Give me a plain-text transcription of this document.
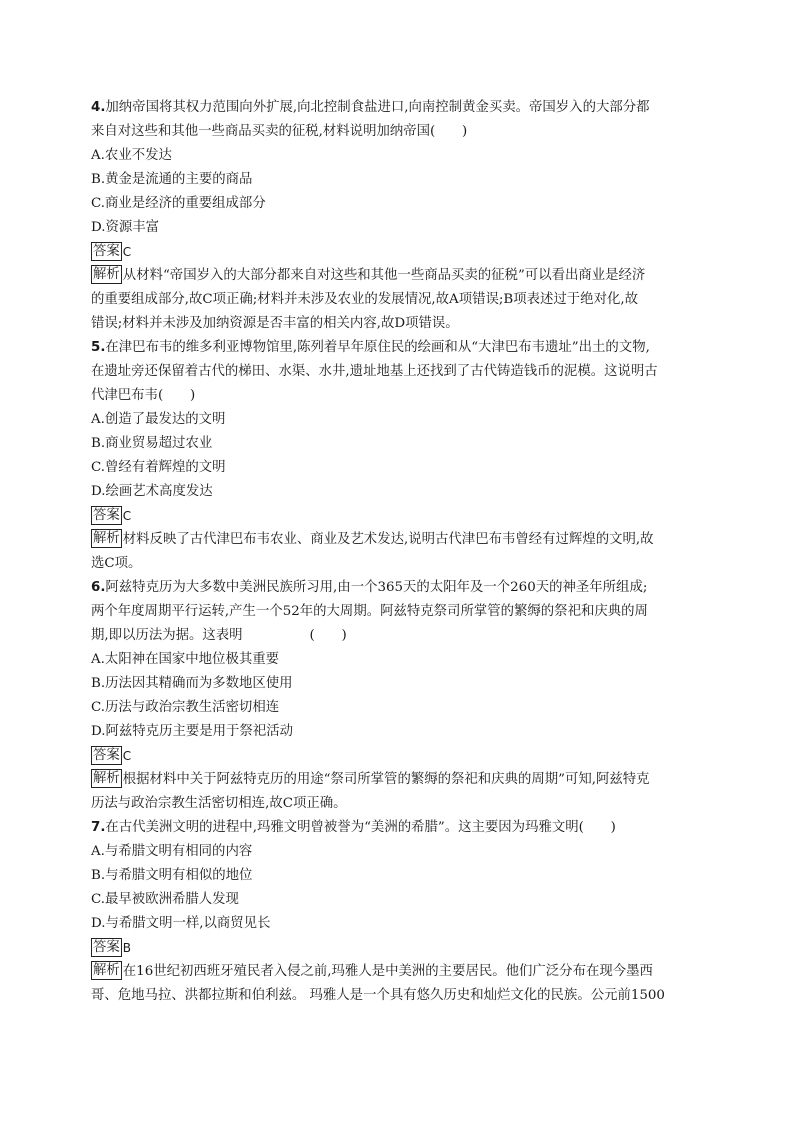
4.加纳帝国将其权力范围向外扩展,向北控制食盐进口,向南控制黄金买卖。帝国岁入的大部分都
来自对这些和其他一些商品买卖的征税,材料说明加纳帝国(　　)
A.农业不发达
B.黄金是流通的主要的商品
C.商业是经济的重要组成部分
D.资源丰富
答案 C
解析 从材料“帝国岁入的大部分都来自对这些和其他一些商品买卖的征税”可以看出商业是经济
的重要组成部分,故C项正确;材料并未涉及农业的发展情况,故A项错误;B项表述过于绝对化,故
错误;材料并未涉及加纳资源是否丰富的相关内容,故D项错误。
5.在津巴布韦的维多利亚博物馆里,陈列着早年原住民的绘画和从“大津巴布韦遗址”出土的文物,
在遗址旁还保留着古代的梯田、水渠、水井,遗址地基上还找到了古代铸造钱币的泥模。这说明古
代津巴布韦(　　)
A.创造了最发达的文明
B.商业贸易超过农业
C.曾经有着辉煌的文明
D.绘画艺术高度发达
答案 C
解析 材料反映了古代津巴布韦农业、商业及艺术发达,说明古代津巴布韦曾经有过辉煌的文明,故
选C项。
6.阿兹特克历为大多数中美洲民族所习用,由一个365天的太阳年及一个260天的神圣年所组成;
两个年度周期平行运转,产生一个52年的大周期。阿兹特克祭司所掌管的繁缛的祭祀和庆典的周
期,即以历法为据。这表明　　　　　(　　)
A.太阳神在国家中地位极其重要
B.历法因其精确而为多数地区使用
C.历法与政治宗教生活密切相连
D.阿兹特克历主要是用于祭祀活动
答案 C
解析 根据材料中关于阿兹特克历的用途“祭司所掌管的繁缛的祭祀和庆典的周期”可知,阿兹特克
历法与政治宗教生活密切相连,故C项正确。
7.在古代美洲文明的进程中,玛雅文明曾被誉为“美洲的希腊”。这主要因为玛雅文明(　　)
A.与希腊文明有相同的内容
B.与希腊文明有相似的地位
C.最早被欧洲希腊人发现
D.与希腊文明一样,以商贸见长
答案 B
解析 在16世纪初西班牙殖民者入侵之前,玛雅人是中美洲的主要居民。他们广泛分布在现今墨西
哥、危地马拉、洪都拉斯和伯利兹。 玛雅人是一个具有悠久历史和灿烂文化的民族。公元前1500
